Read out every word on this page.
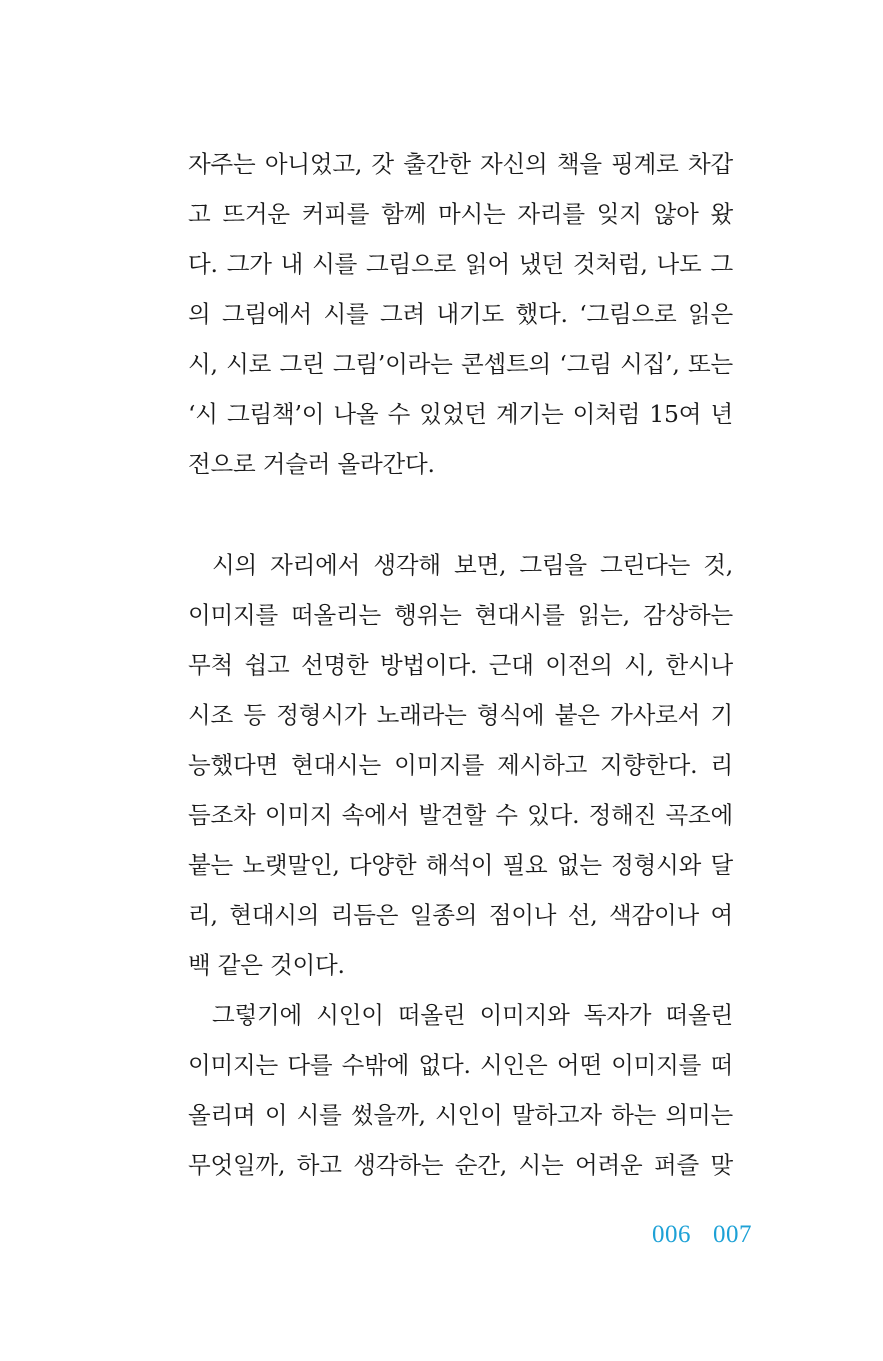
자주는 아니었고, 갓 출간한 자신의 책을 핑계로 차갑
고 뜨거운 커피를 함께 마시는 자리를 잊지 않아 왔
다. 그가 내 시를 그림으로 읽어 냈던 것처럼, 나도 그
의 그림에서 시를 그려 내기도 했다. ‘그림으로 읽은
시, 시로 그린 그림’이라는 콘셉트의 ‘그림 시집’, 또는
‘시 그림책’이 나올 수 있었던 계기는 이처럼 15여 년
전으로 거슬러 올라간다.
시의 자리에서 생각해 보면, 그림을 그린다는 것,
이미지를 떠올리는 행위는 현대시를 읽는, 감상하는
무척 쉽고 선명한 방법이다. 근대 이전의 시, 한시나
시조 등 정형시가 노래라는 형식에 붙은 가사로서 기
능했다면 현대시는 이미지를 제시하고 지향한다. 리
듬조차 이미지 속에서 발견할 수 있다. 정해진 곡조에
붙는 노랫말인, 다양한 해석이 필요 없는 정형시와 달
리, 현대시의 리듬은 일종의 점이나 선, 색감이나 여
백 같은 것이다.
그렇기에 시인이 떠올린 이미지와 독자가 떠올린
이미지는 다를 수밖에 없다. 시인은 어떤 이미지를 떠
올리며 이 시를 썼을까, 시인이 말하고자 하는 의미는
무엇일까, 하고 생각하는 순간, 시는 어려운 퍼즐 맞
006 007
